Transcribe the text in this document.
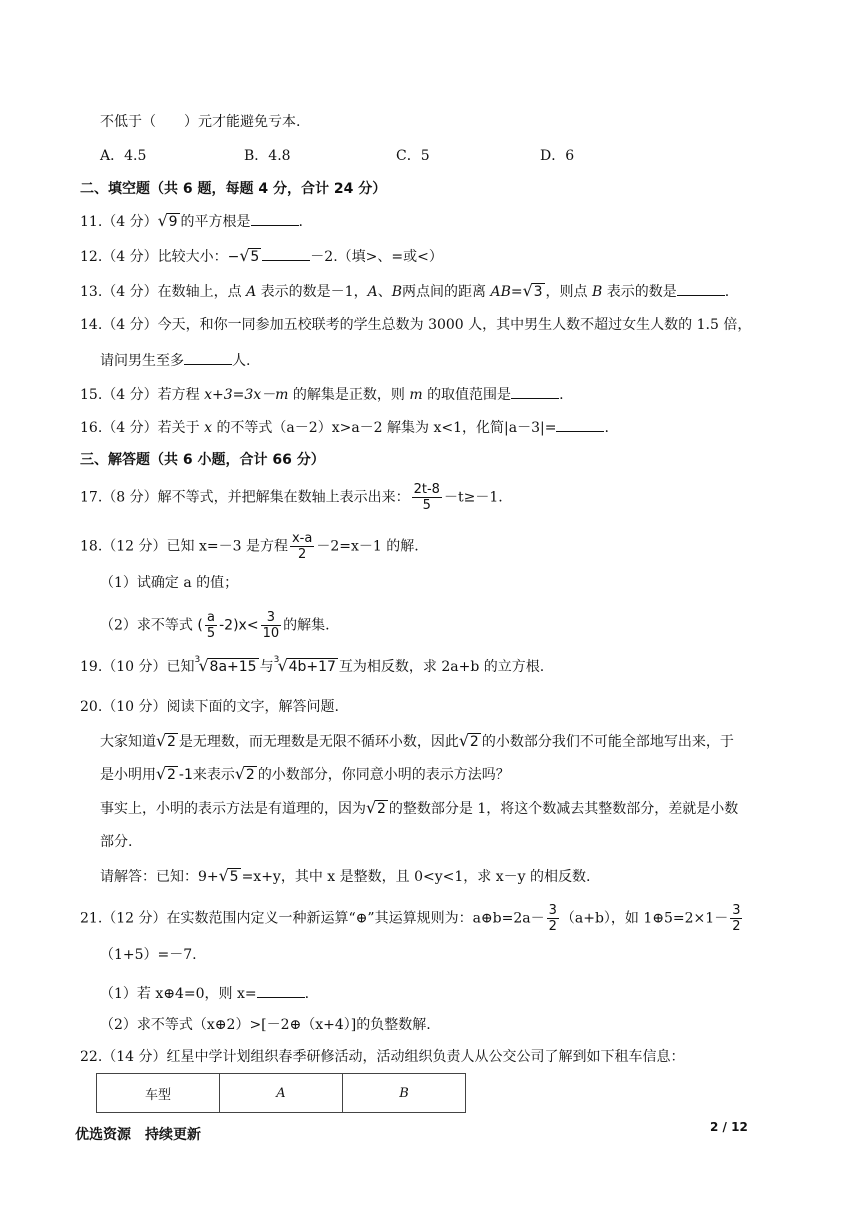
不低于（　　）元才能避免亏本.
A．4.5	B．4.8	C．5	D．6
二、填空题（共 6 题，每题 4 分，合计 24 分）
11.（4 分） √ 9 的平方根是	.
12.（4 分）比较大小：− √ 5	－2.（填>、=或<）
13.（4 分）在数轴上，点 A 表示的数是－1，A、B两点间的距离 AB= √ 3 ，则点 B 表示的数是	.
14.（4 分）今天，和你一同参加五校联考的学生总数为 3000 人，其中男生人数不超过女生人数的 1.5 倍，
请问男生至多	人.
15.（4 分）若方程 x+3=3x－m 的解集是正数，则 m 的取值范围是	.
16.（4 分）若关于 x 的不等式（a－2）x>a－2 解集为 x<1，化简|a－3|=	.
三、解答题（共 6 小题，合计 66 分）
17.（8 分）解不等式，并把解集在数轴上表示出来： $\frac{2t-8}{5} -t\ge-1$.
18.（12 分）已知 x=－3 是方程 $\frac{x-a}{2} -2=x-1$ 的解.
（1）试确定 a 的值；
（2）求不等式 ( $\frac{a}{5} -2)x< \frac{3}{10}$ 的解集.
19.（10 分）已知 3
√ 8a+15 与 3
√ 4b+17 互为相反数，求 2a+b 的立方根.
20.（10 分）阅读下面的文字，解答问题.
大家知道 √ 2 是无理数，而无理数是无限不循环小数，因此 √ 2 的小数部分我们不可能全部地写出来，于
是小明用 √ 2 -1来表示 √ 2 的小数部分，你同意小明的表示方法吗？
事实上，小明的表示方法是有道理的，因为 √ 2 的整数部分是 1，将这个数减去其整数部分，差就是小数
部分.
请解答：已知：9+ √ 5 =x+y，其中 x 是整数，且 0<y<1，求 x－y 的相反数.
21.（12 分）在实数范围内定义一种新运算“⊕”其运算规则为：a⊕b=2a－ $\frac{3}{2} (a+b)$，如 1⊕5=2×1－ $\frac{3}{2}$
（1+5）=－7.
（1）若 x⊕4=0，则 x=	.
（2）求不等式（x⊕2）>[－2⊕（x+4）]的负整数解.
22.（14 分）红星中学计划组织春季研修活动，活动组织负责人从公交公司了解到如下租车信息：
车型	A	B
优选资源　持续更新	2 / 12
